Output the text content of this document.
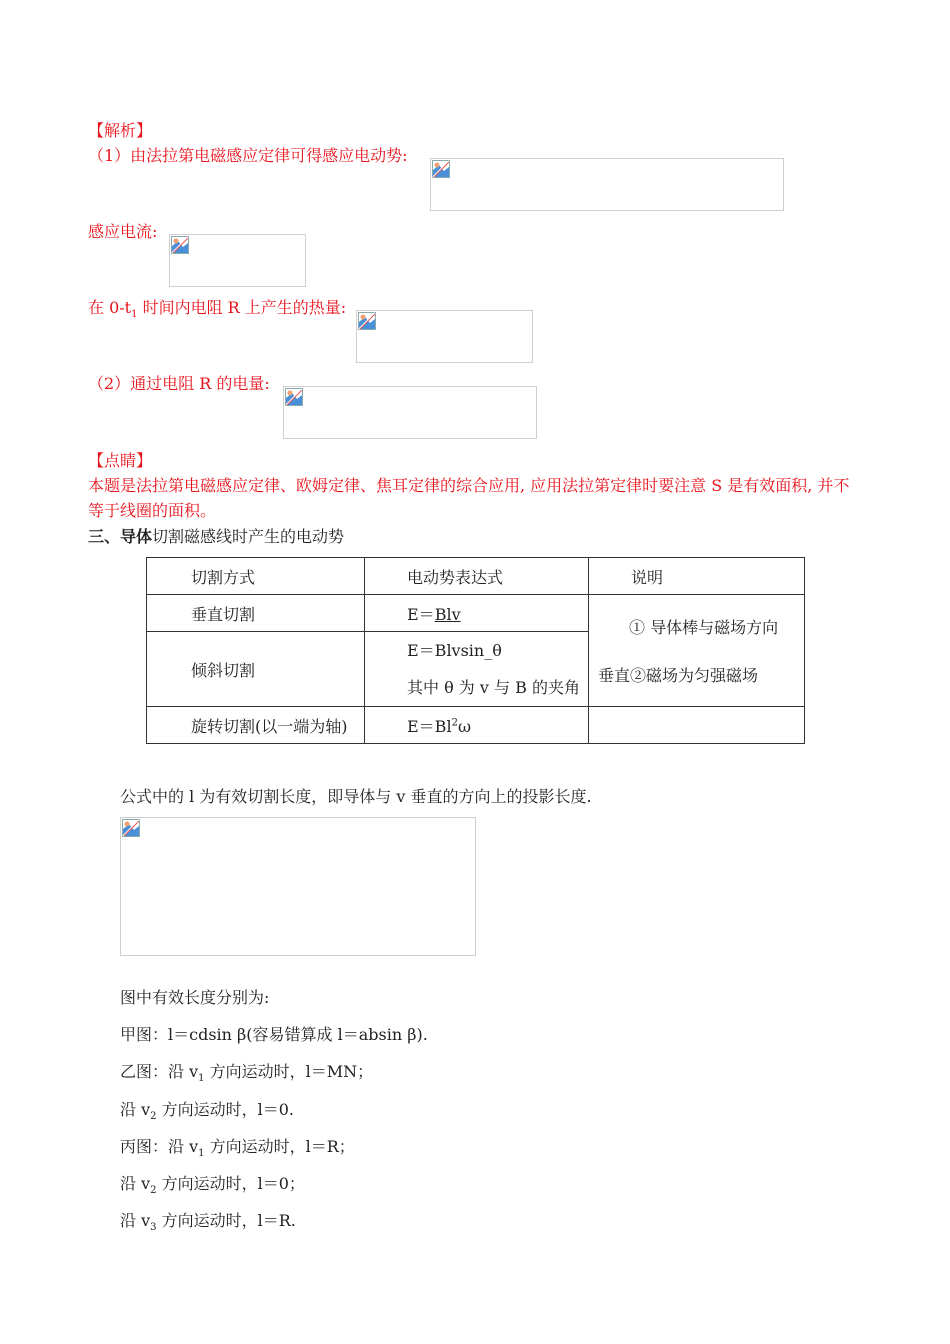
【解析】
（1）由法拉第电磁感应定律可得感应电动势:
感应电流:
在 $0-t_1$ 时间内电阻 R 上产生的热量:
（2）通过电阻 R 的电量:
【点睛】
本题是法拉第电磁感应定律、欧姆定律、焦耳定律的综合应用, 应用法拉第定律时要注意 S 是有效面积, 并不
等于线圈的面积。
三、导体切割磁感线时产生的电动势
切割方式	电动势表达式	说明

垂直切割	E＝Blv	① 导体棒与磁场方向
垂直②磁场为匀强磁场

倾斜切割	E＝Blvsin_θ
其中 θ 为 v 与 B 的夹角	

旋转切割(以一端为轴)	$E=Bl^2\omega$	

公式中的 l 为有效切割长度，即导体与 v 垂直的方向上的投影长度.
图中有效长度分别为:
甲图：l＝cdsin β(容易错算成 l＝absin β).
乙图：沿 $v_1$ 方向运动时，l＝MN；
沿 $v_2$ 方向运动时，l＝0.
丙图：沿 $v_1$ 方向运动时，l＝R；
沿 $v_2$ 方向运动时，l＝0；
沿 $v_3$ 方向运动时，l＝R.
